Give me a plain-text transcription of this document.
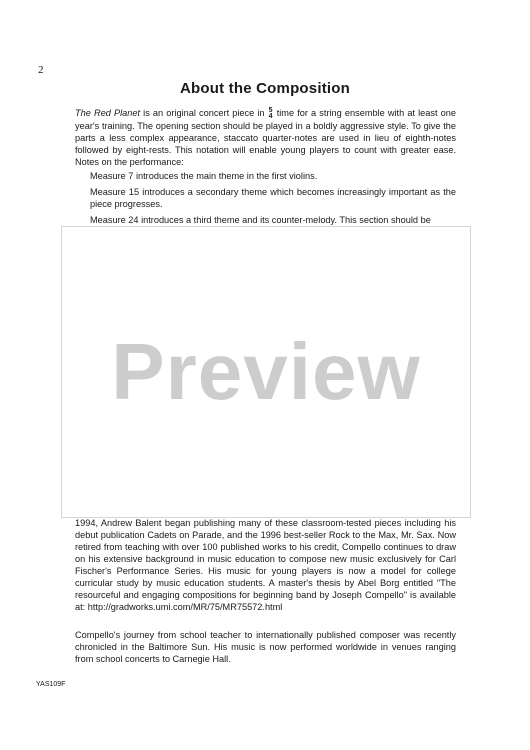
2
About the Composition

The Red Planet is an original concert piece in 5
4 time for a string ensemble with at least one year's training. The opening section should be played in a boldly aggressive style. To give the parts a less complex appearance, staccato quarter-notes are used in lieu of eighth-notes followed by eight-rests. This notation will enable young players to count with greater ease. Notes on the performance:

Measure 7 introduces the main theme in the first violins.
Measure 15 introduces a secondary theme which becomes increasingly important as the piece progresses.
Measure 24 introduces a third theme and its counter-melody. This section should be
1994, Andrew Balent began publishing many of these classroom-tested pieces including his debut publication Cadets on Parade, and the 1996 best-seller Rock to the Max, Mr. Sax. Now retired from teaching with over 100 published works to his credit, Compello continues to draw on his extensive background in music education to compose new music exclusively for Carl Fischer's Performance Series. His music for young players is now a model for college curricular study by music education students. A master's thesis by Abel Borg entitled "The resourceful and engaging compositions for beginning band by Joseph Compello" is available at: http://gradworks.umi.com/MR/75/MR75572.html

Compello's journey from school teacher to internationally published composer was recently chronicled in the Baltimore Sun. His music is now performed worldwide in venues ranging from school concerts to Carnegie Hall.

Preview
YAS109F
